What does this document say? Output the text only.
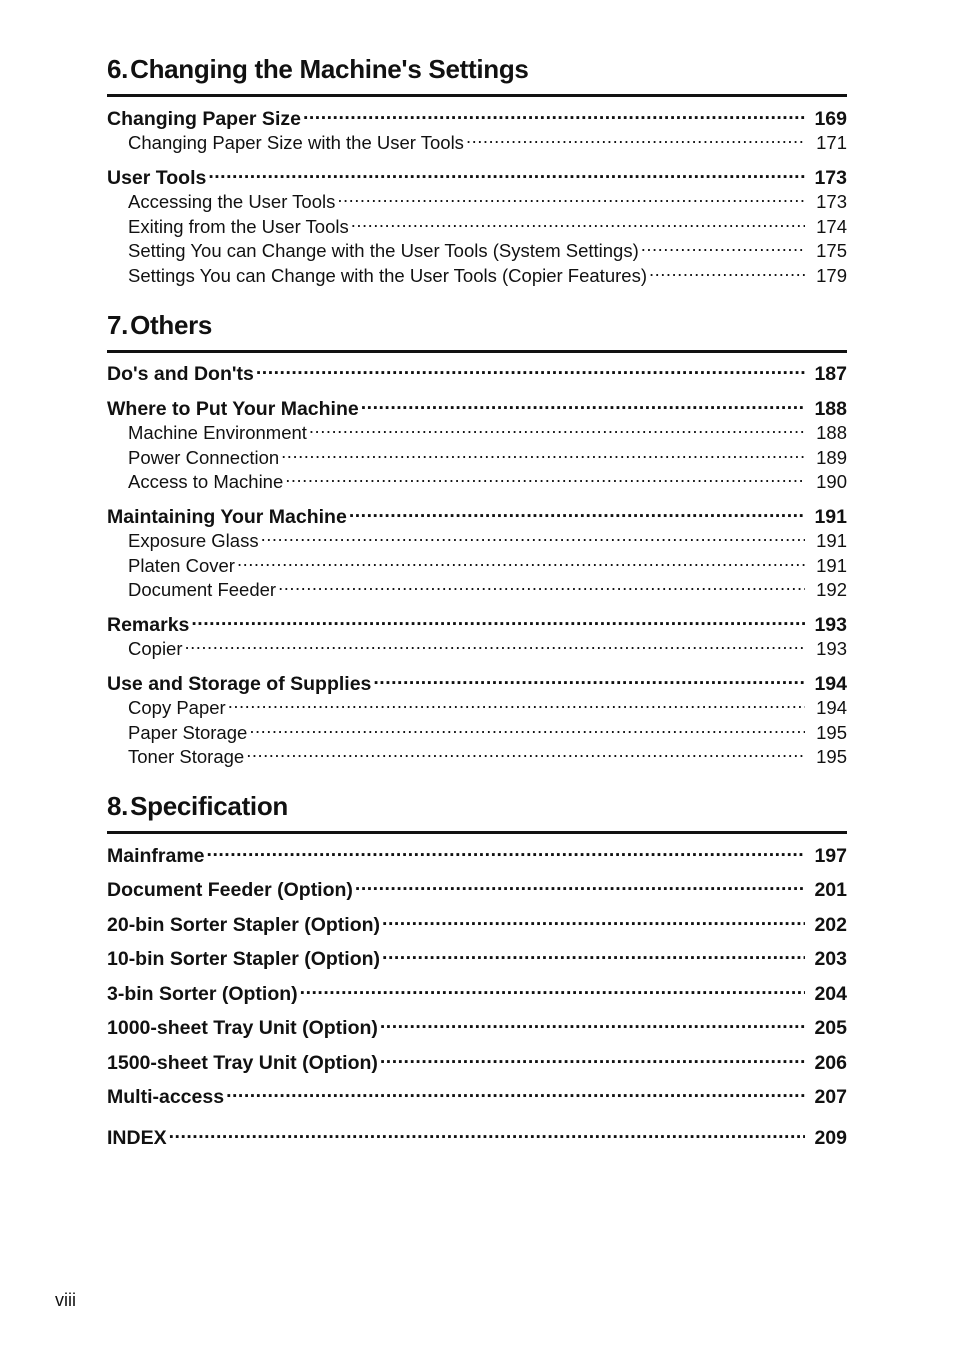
6.Changing the Machine's Settings
Changing Paper Size .....	169
Changing Paper Size with the User Tools .....	171
User Tools .....	173
Accessing the User Tools .....	173
Exiting from the User Tools .....	174
Setting You can Change with the User Tools (System Settings) .....	175
Settings You can Change with the User Tools (Copier Features) .....	179
7.Others
Do's and Don'ts .....	187
Where to Put Your Machine .....	188
Machine Environment .....	188
Power Connection .....	189
Access to Machine .....	190
Maintaining Your Machine .....	191
Exposure Glass .....	191
Platen Cover .....	191
Document Feeder .....	192
Remarks .....	193
Copier .....	193
Use and Storage of Supplies .....	194
Copy Paper .....	194
Paper Storage .....	195
Toner Storage .....	195
8.Specification
Mainframe .....	197
Document Feeder (Option) .....	201
20-bin Sorter Stapler (Option) .....	202
10-bin Sorter Stapler (Option) .....	203
3-bin Sorter (Option) .....	204
1000-sheet Tray Unit (Option) .....	205
1500-sheet Tray Unit (Option) .....	206
Multi-access .....	207
INDEX .....	209
viii
